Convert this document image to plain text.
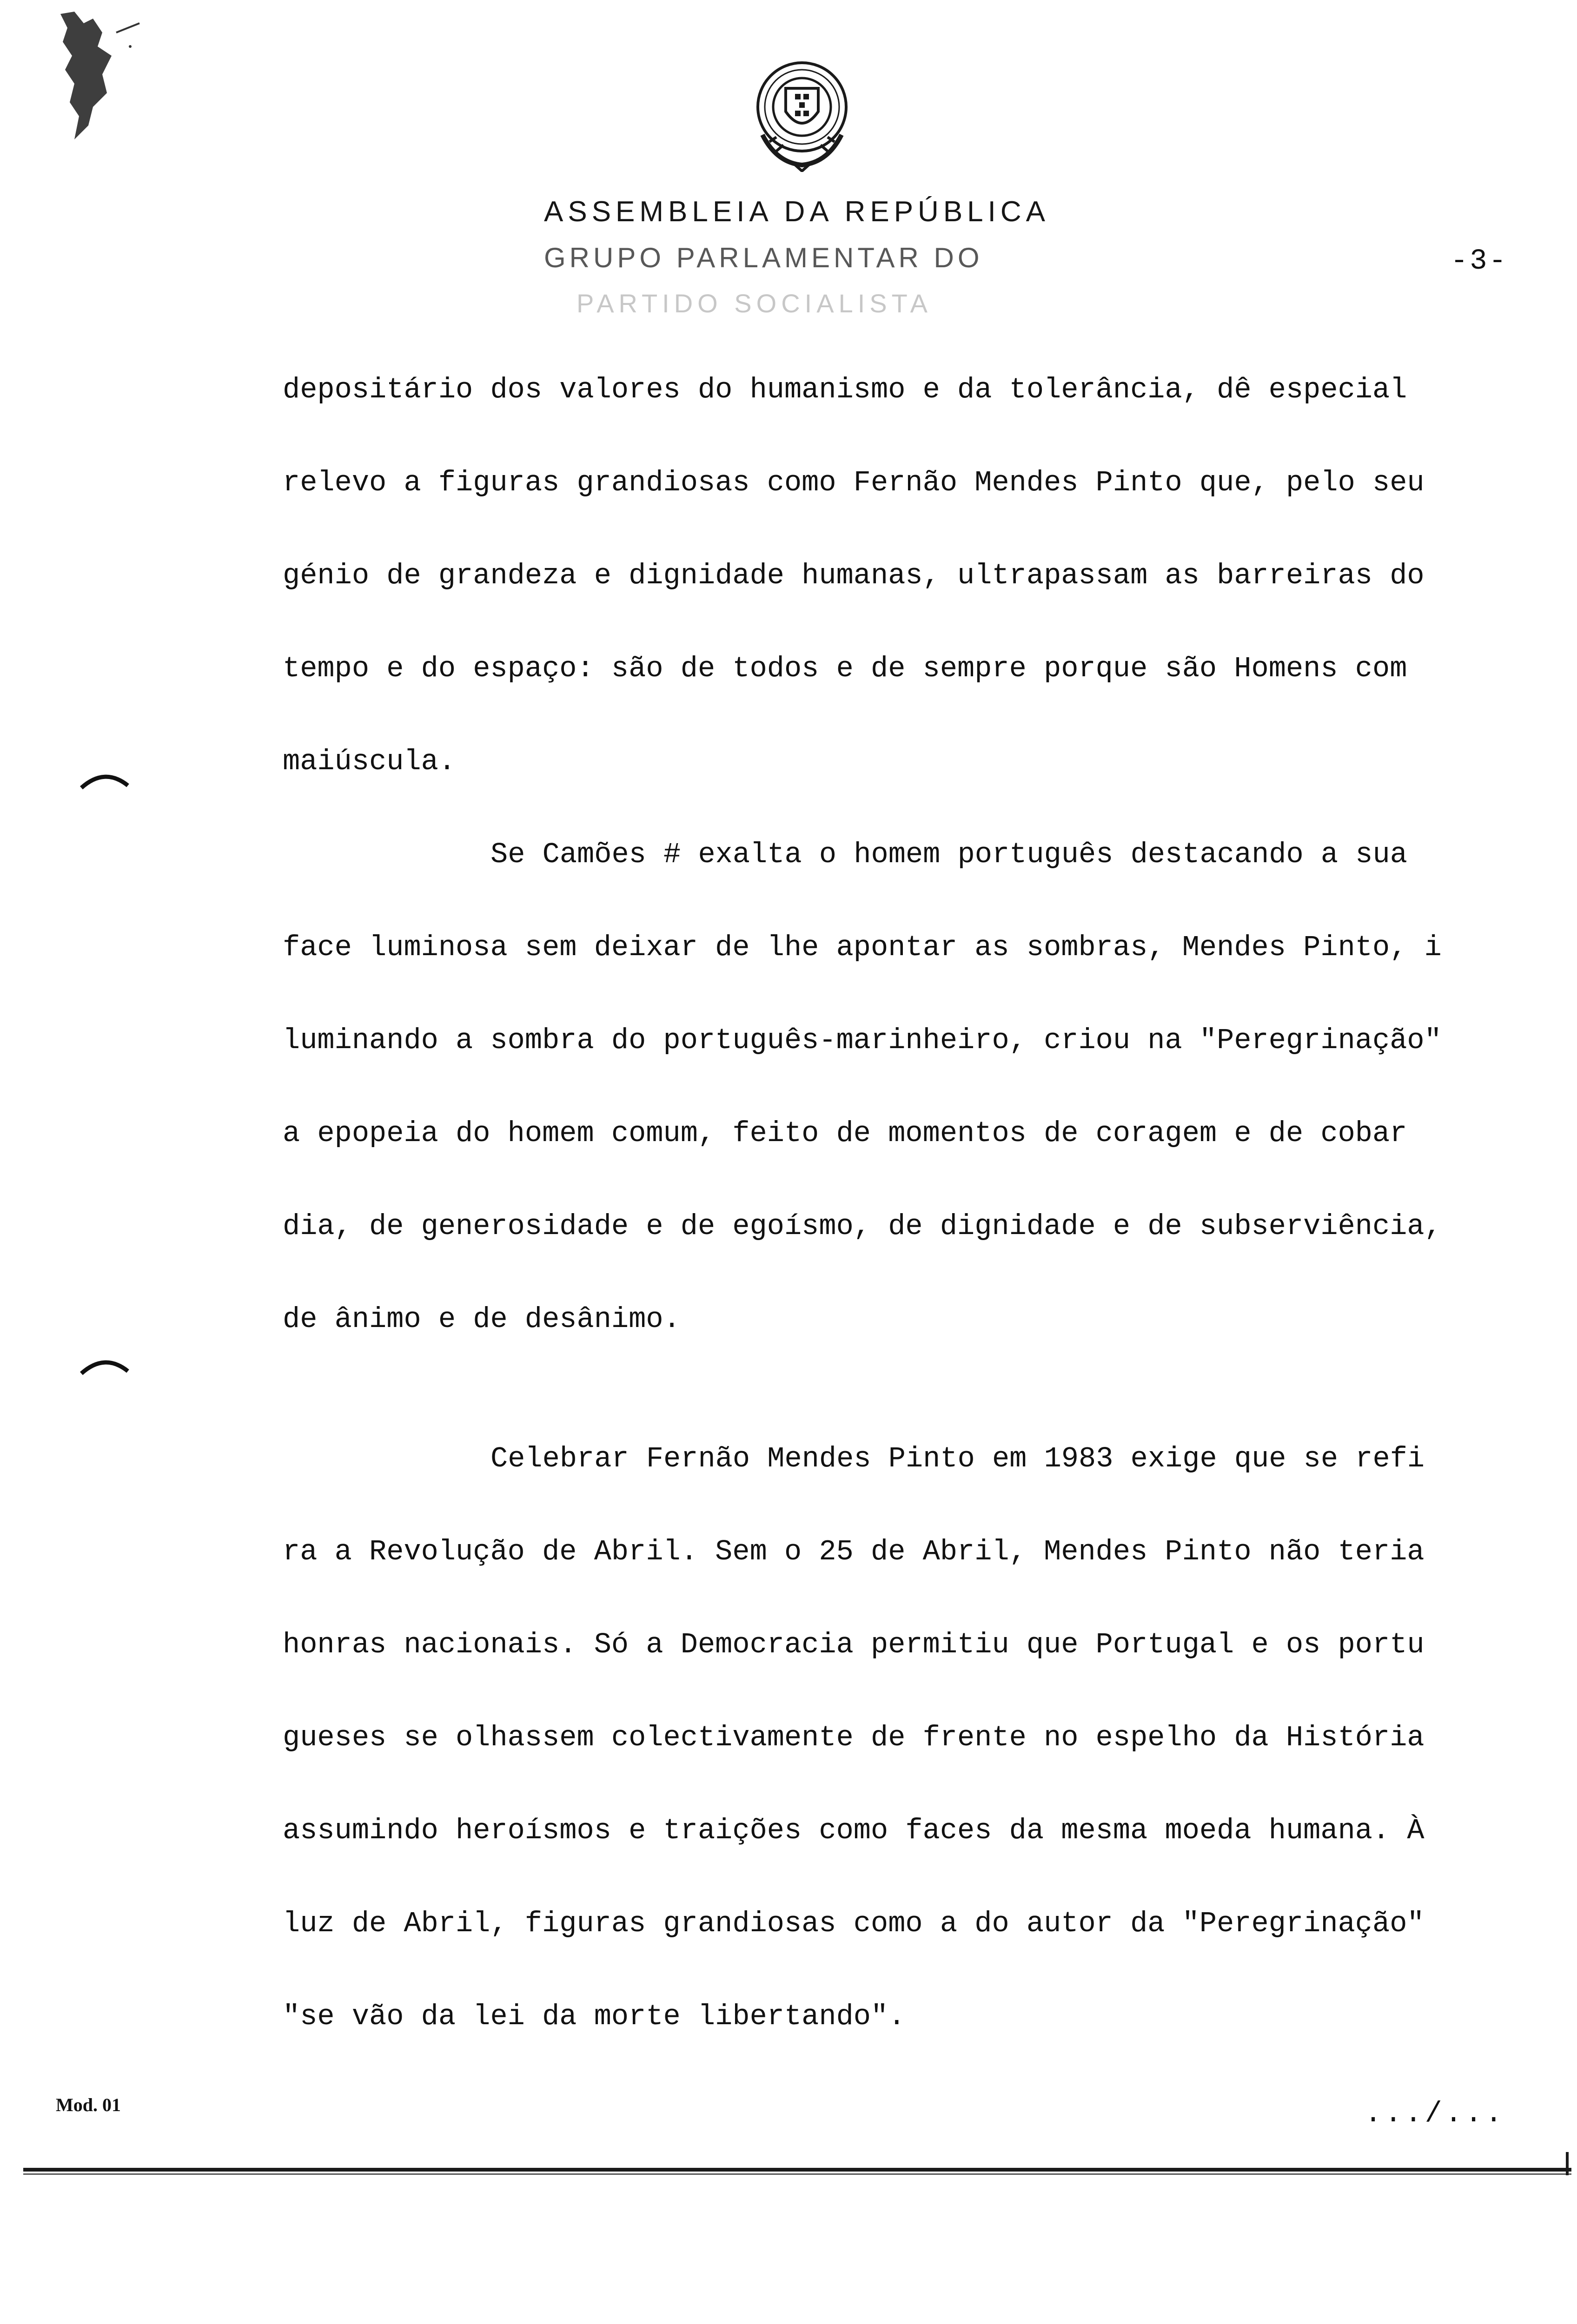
ASSEMBLEIA DA REPÚBLICA
GRUPO PARLAMENTAR DO
PARTIDO SOCIALISTA
-3-
depositário dos valores do humanismo e da tolerância, dê especial
relevo a figuras grandiosas como Fernão Mendes Pinto que, pelo seu
génio de grandeza e dignidade humanas, ultrapassam as barreiras do
tempo e do espaço: são de todos e de sempre porque são Homens com
maiúscula.
Se Camões # exalta o homem português destacando a sua
face luminosa sem deixar de lhe apontar as sombras, Mendes Pinto, i
luminando a sombra do português-marinheiro, criou na "Peregrinação"
a epopeia do homem comum, feito de momentos de coragem e de cobar
dia, de generosidade e de egoísmo, de dignidade e de subserviência,
de ânimo e de desânimo.
Celebrar Fernão Mendes Pinto em 1983 exige que se refi
ra a Revolução de Abril. Sem o 25 de Abril, Mendes Pinto não teria
honras nacionais. Só a Democracia permitiu que Portugal e os portu
gueses se olhassem colectivamente de frente no espelho da História
assumindo heroísmos e traições como faces da mesma moeda humana. À
luz de Abril, figuras grandiosas como a do autor da "Peregrinação"
"se vão da lei da morte libertando".
Mod. 01	.../...
